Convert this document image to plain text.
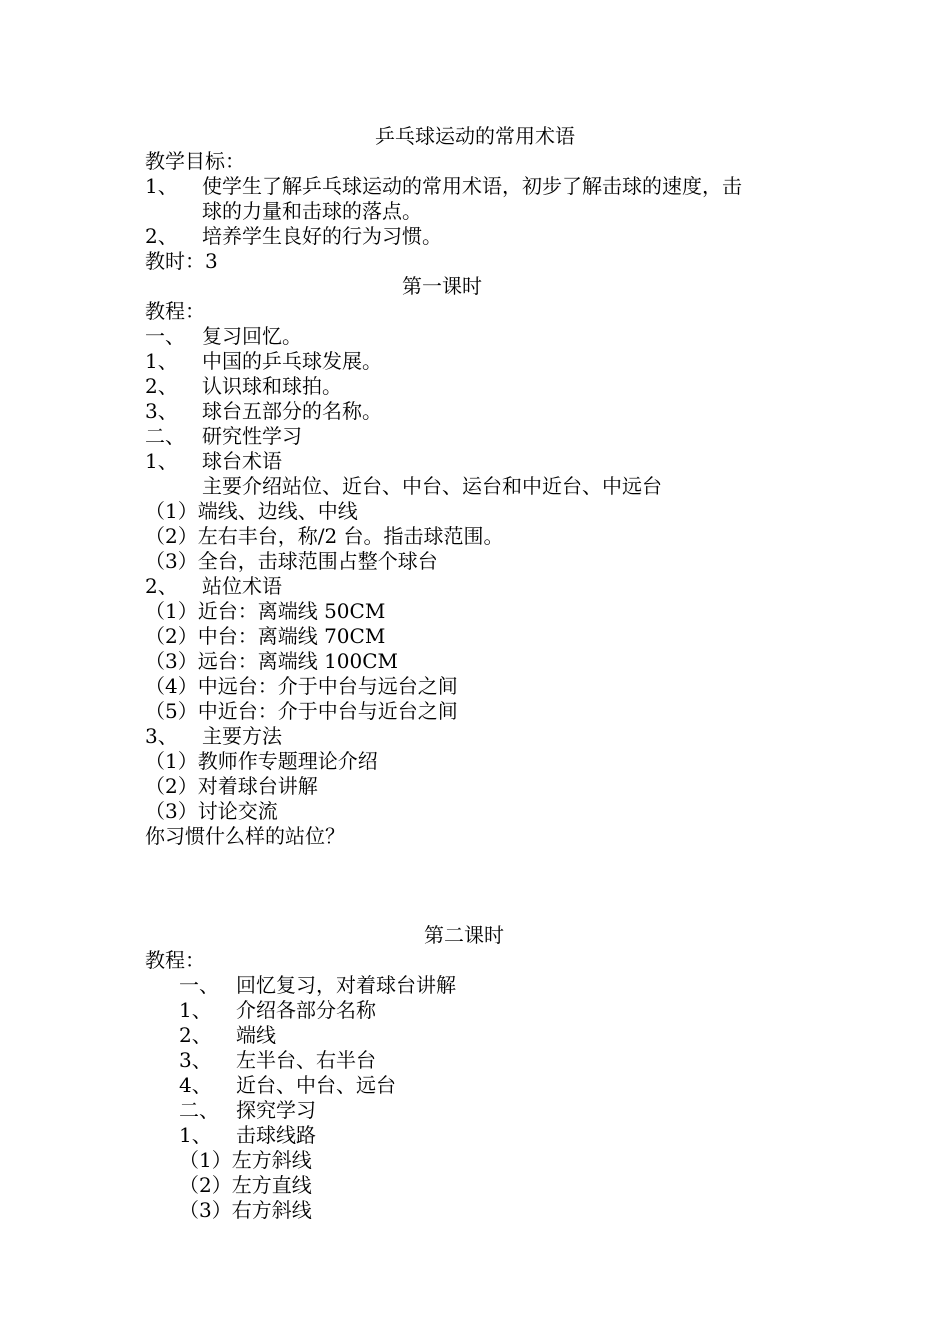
乒乓球运动的常用术语
教学目标：
1、 使学生了解乒乓球运动的常用术语，初步了解击球的速度，击
球的力量和击球的落点。
2、 培养学生良好的行为习惯。
教时：3
第一课时
教程：
一、 复习回忆。
1、 中国的乒乓球发展。
2、 认识球和球拍。
3、 球台五部分的名称。
二、 研究性学习
1、 球台术语
主要介绍站位、近台、中台、运台和中近台、中远台
（1）端线、边线、中线
（2）左右丰台，称/2 台。指击球范围。
（3）全台，击球范围占整个球台
2、 站位术语
（1）近台：离端线 50CM
（2）中台：离端线 70CM
（3）远台：离端线 100CM
（4）中远台：介于中台与远台之间
（5）中近台：介于中台与近台之间
3、 主要方法
（1）教师作专题理论介绍
（2）对着球台讲解
（3）讨论交流
你习惯什么样的站位？
第二课时
教程：
一、 回忆复习，对着球台讲解
1、 介绍各部分名称
2、 端线
3、 左半台、右半台
4、 近台、中台、远台
二、 探究学习
1、 击球线路
（1）左方斜线
（2）左方直线
（3）右方斜线
